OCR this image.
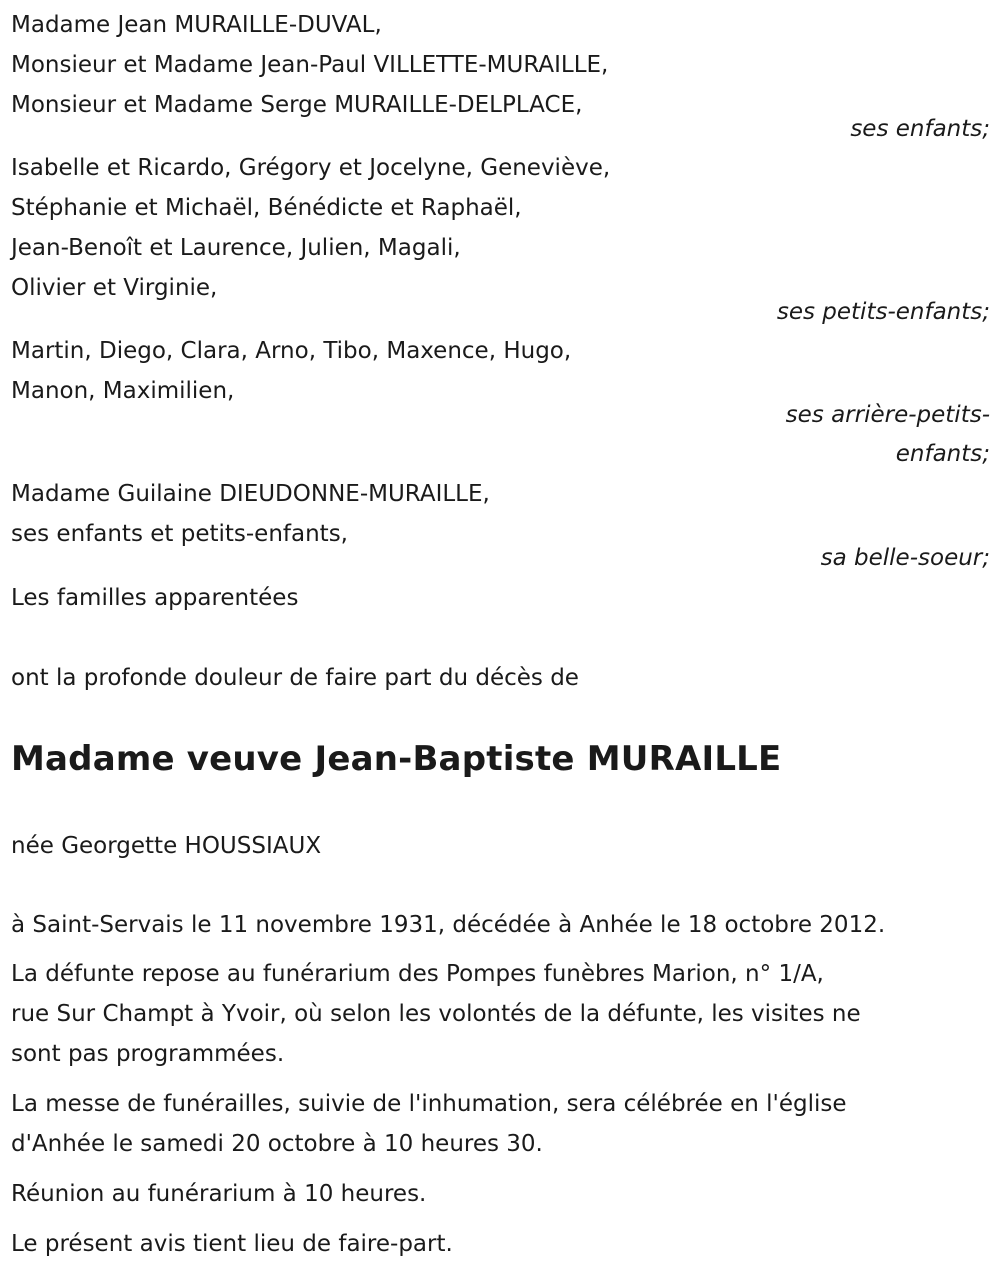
Madame Jean MURAILLE-DUVAL,
Monsieur et Madame Jean-Paul VILLETTE-MURAILLE,
Monsieur et Madame Serge MURAILLE-DELPLACE,
ses enfants;
Isabelle et Ricardo, Grégory et Jocelyne, Geneviève,
Stéphanie et Michaël, Bénédicte et Raphaël,
Jean-Benoît et Laurence, Julien, Magali,
Olivier et Virginie,
ses petits-enfants;
Martin, Diego, Clara, Arno, Tibo, Maxence, Hugo,
Manon, Maximilien,
ses arrière-petits-
enfants;
Madame Guilaine DIEUDONNE-MURAILLE,
ses enfants et petits-enfants,
sa belle-soeur;
Les familles apparentées
ont la profonde douleur de faire part du décès de
Madame veuve Jean-Baptiste MURAILLE
née Georgette HOUSSIAUX
à Saint-Servais le 11 novembre 1931, décédée à Anhée le 18 octobre 2012.
La défunte repose au funérarium des Pompes funèbres Marion, n° 1/A,
rue Sur Champt à Yvoir, où selon les volontés de la défunte, les visites ne
sont pas programmées.
La messe de funérailles, suivie de l'inhumation, sera célébrée en l'église
d'Anhée le samedi 20 octobre à 10 heures 30.
Réunion au funérarium à 10 heures.
Le présent avis tient lieu de faire-part.
